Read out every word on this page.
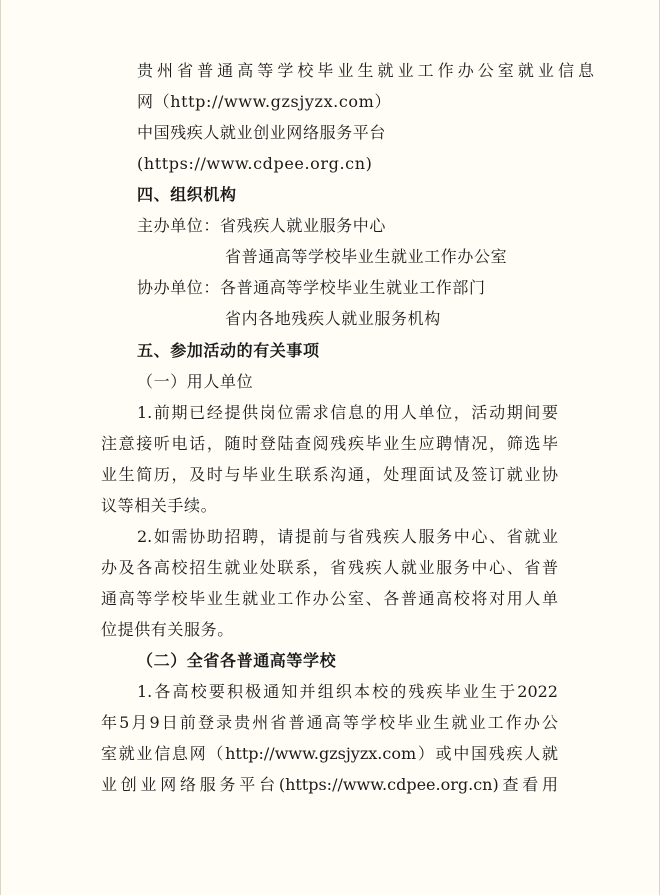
贵州省普通高等学校毕业生就业工作办公室就业信息
网（http://www.gzsjyzx.com）
中国残疾人就业创业网络服务平台
(https://www.cdpee.org.cn)
四、组织机构
主办单位：省残疾人就业服务中心
省普通高等学校毕业生就业工作办公室
协办单位：各普通高等学校毕业生就业工作部门
省内各地残疾人就业服务机构
五、参加活动的有关事项
（一）用人单位
1.前期已经提供岗位需求信息的用人单位，活动期间要
注意接听电话，随时登陆查阅残疾毕业生应聘情况，筛选毕
业生简历，及时与毕业生联系沟通，处理面试及签订就业协
议等相关手续。
2.如需协助招聘，请提前与省残疾人服务中心、省就业
办及各高校招生就业处联系，省残疾人就业服务中心、省普
通高等学校毕业生就业工作办公室、各普通高校将对用人单
位提供有关服务。
（二）全省各普通高等学校
1.各高校要积极通知并组织本校的残疾毕业生于2022
年5月9日前登录贵州省普通高等学校毕业生就业工作办公
室就业信息网（http://www.gzsjyzx.com）或中国残疾人就
业创业网络服务平台(https://www.cdpee.org.cn)查看用
